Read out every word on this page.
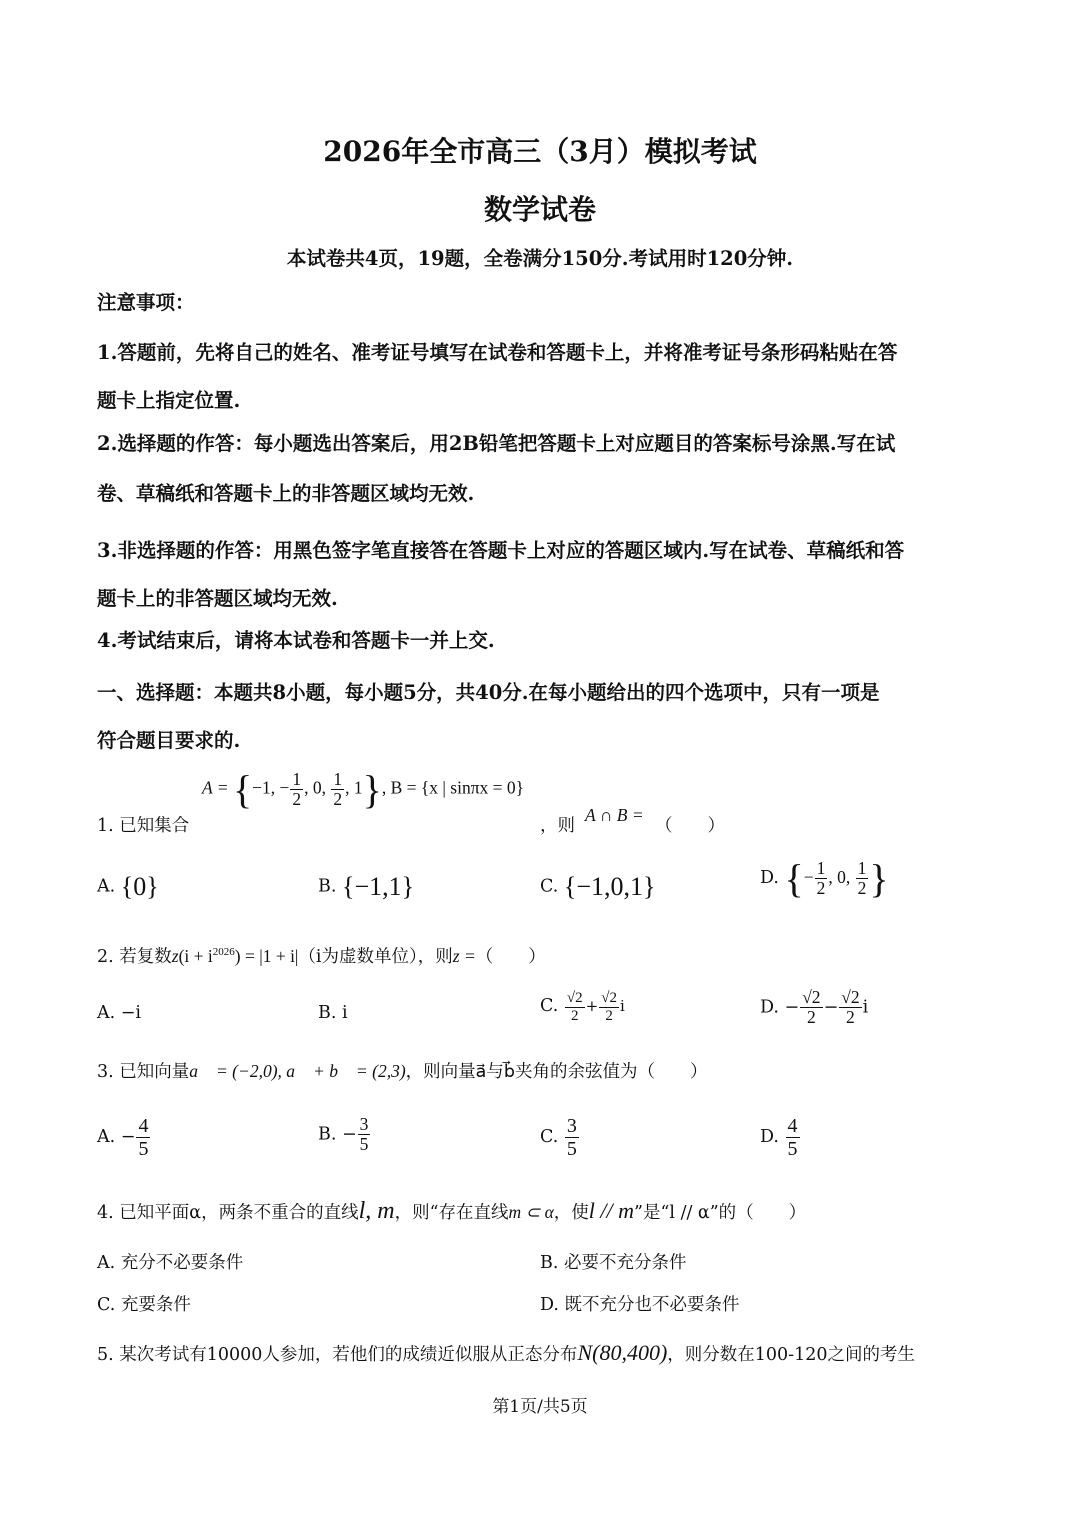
2026年全市高三（3月）模拟考试
数学试卷
本试卷共4页，19题，全卷满分150分.考试用时120分钟.
注意事项：
1.答题前，先将自己的姓名、准考证号填写在试卷和答题卡上，并将准考证号条形码粘贴在答
题卡上指定位置.
2.选择题的作答：每小题选出答案后，用2B铅笔把答题卡上对应题目的答案标号涂黑.写在试
卷、草稿纸和答题卡上的非答题区域均无效.
3.非选择题的作答：用黑色签字笔直接答在答题卡上对应的答题区域内.写在试卷、草稿纸和答
题卡上的非答题区域均无效.
4.考试结束后，请将本试卷和答题卡一并上交.
一、选择题：本题共8小题，每小题5分，共40分.在每小题给出的四个选项中，只有一项是
符合题目要求的.
1. 已知集合
A = {−1, − $\frac{1}{2}$ , 0, $\frac{1}{2}$ , 1}, B = {x | sinπx = 0}
，则
A ∩ B =
（　　）
A. {0}	B. {−1,1}	C. {−1,0,1}	D. {− $\frac{1}{2}$ , 0, $\frac{1}{2}$ }
2. 若复数$z(i + i^{2026}) = |1 + i|(i$为虚数单位），则z =（　　）
A. −i	B. i	C. $\frac{√2}{2} + \frac{√2}{2}$ i	D. − $\frac{√2}{2} - \frac{√2}{2}$ i
3. 已知向量a⃗ = (−2,0), a⃗ + b⃗ = (2,3)，则向量a⃗与b⃗夹角的余弦值为（　　）
A. − $\frac{4}{5}$	B. − $\frac{3}{5}$	C. $\frac{3}{5}$	D. $\frac{4}{5}$
4. 已知平面α，两条不重合的直线l, m，则“存在直线m ⊂ α，使l // m”是“l // α”的（　　）
A. 充分不必要条件	B. 必要不充分条件
C. 充要条件	D. 既不充分也不必要条件
5. 某次考试有10000人参加，若他们的成绩近似服从正态分布N(80,400)，则分数在100-120之间的考生
第1页/共5页
